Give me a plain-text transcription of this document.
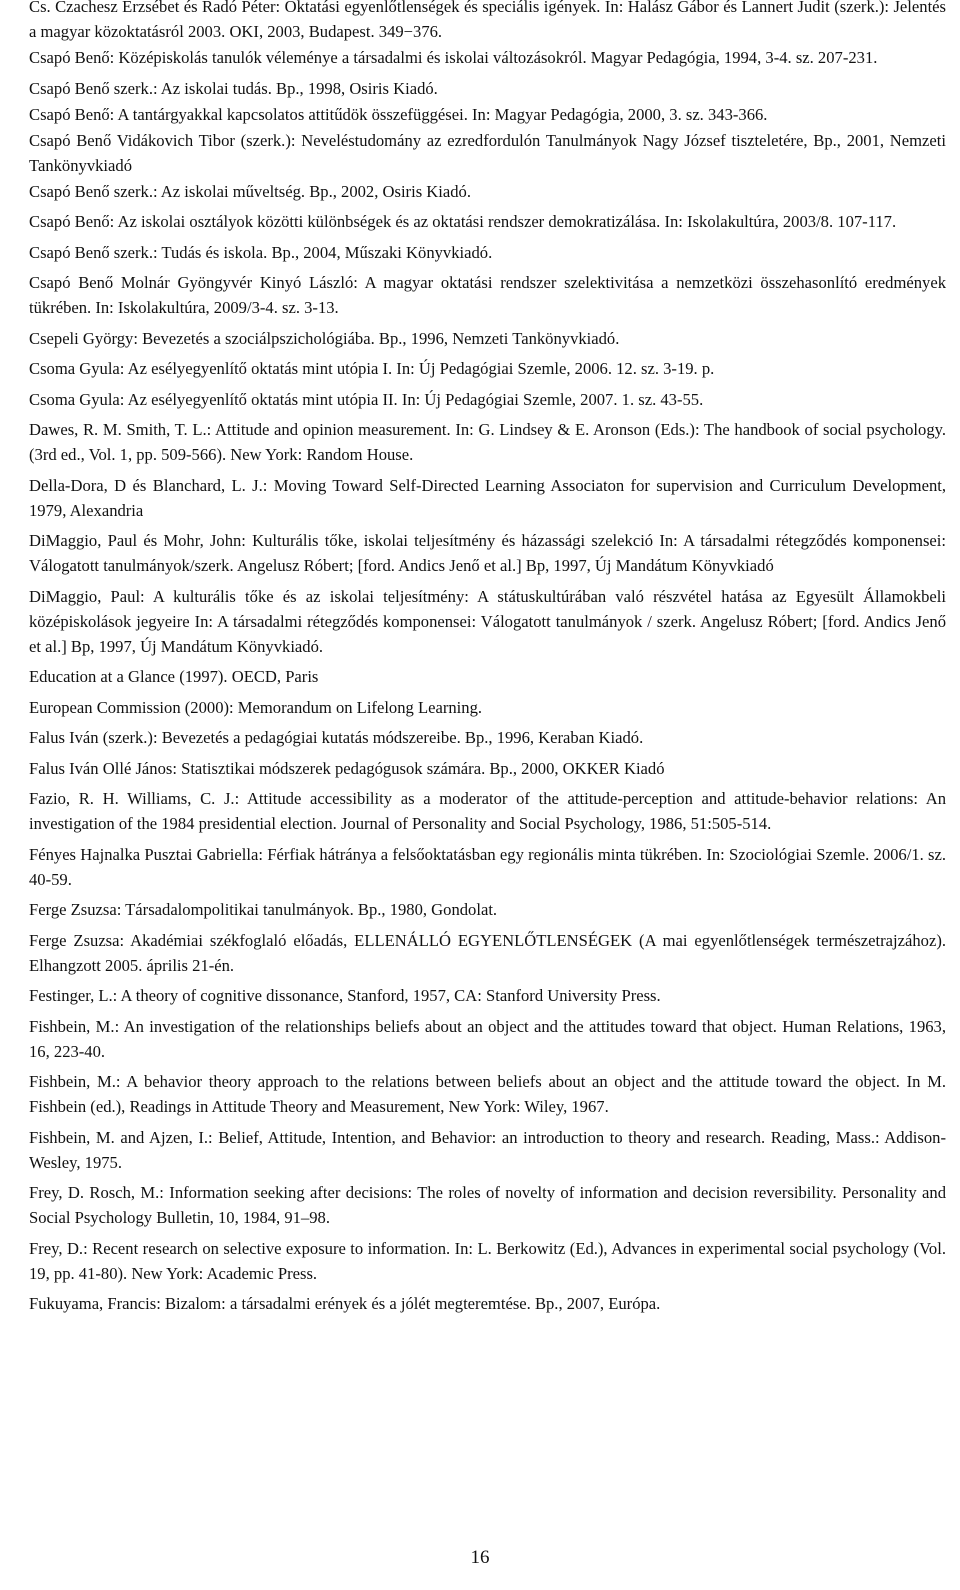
Cs. Czachesz Erzsébet és Radó Péter: Oktatási egyenlőtlenségek és speciális igények. In: Halász Gábor és Lannert Judit (szerk.): Jelentés a magyar közoktatásról 2003. OKI, 2003, Budapest. 349−376.
Csapó Benő: Középiskolás tanulók véleménye a társadalmi és iskolai változásokról. Magyar Pedagógia, 1994, 3-4. sz. 207-231.
Csapó Benő szerk.: Az iskolai tudás. Bp., 1998, Osiris Kiadó.
Csapó Benő: A tantárgyakkal kapcsolatos attitűdök összefüggései. In: Magyar Pedagógia, 2000, 3. sz. 343-366.
Csapó Benő Vidákovich Tibor (szerk.): Neveléstudomány az ezredfordulón Tanulmányok Nagy József tiszteletére, Bp., 2001, Nemzeti Tankönyvkiadó
Csapó Benő szerk.: Az iskolai műveltség. Bp., 2002, Osiris Kiadó.
Csapó Benő: Az iskolai osztályok közötti különbségek és az oktatási rendszer demokratizálása. In: Iskolakultúra, 2003/8. 107-117.
Csapó Benő szerk.: Tudás és iskola. Bp., 2004, Műszaki Könyvkiadó.
Csapó Benő Molnár Gyöngyvér Kinyó László: A magyar oktatási rendszer szelektivitása a nemzetközi összehasonlító eredmények tükrében. In: Iskolakultúra, 2009/3-4. sz. 3-13.
Csepeli György: Bevezetés a szociálpszichológiába. Bp., 1996, Nemzeti Tankönyvkiadó.
Csoma Gyula: Az esélyegyenlítő oktatás mint utópia I. In: Új Pedagógiai Szemle, 2006. 12. sz. 3-19. p.
Csoma Gyula: Az esélyegyenlítő oktatás mint utópia II. In: Új Pedagógiai Szemle, 2007. 1. sz. 43-55.
Dawes, R. M. Smith, T. L.: Attitude and opinion measurement. In: G. Lindsey & E. Aronson (Eds.): The handbook of social psychology. (3rd ed., Vol. 1, pp. 509-566). New York: Random House.
Della-Dora, D és Blanchard, L. J.: Moving Toward Self-Directed Learning Associaton for supervision and Curriculum Development, 1979, Alexandria
DiMaggio, Paul és Mohr, John: Kulturális tőke, iskolai teljesítmény és házassági szelekció In: A társadalmi rétegződés komponensei: Válogatott tanulmányok/szerk. Angelusz Róbert; [ford. Andics Jenő et al.] Bp, 1997, Új Mandátum Könyvkiadó
DiMaggio, Paul: A kulturális tőke és az iskolai teljesítmény: A státuskultúrában való részvétel hatása az Egyesült Államokbeli középiskolások jegyeire In: A társadalmi rétegződés komponensei: Válogatott tanulmányok / szerk. Angelusz Róbert; [ford. Andics Jenő et al.] Bp, 1997, Új Mandátum Könyvkiadó.
Education at a Glance (1997). OECD, Paris
European Commission (2000): Memorandum on Lifelong Learning.
Falus Iván (szerk.): Bevezetés a pedagógiai kutatás módszereibe. Bp., 1996, Keraban Kiadó.
Falus Iván Ollé János: Statisztikai módszerek pedagógusok számára. Bp., 2000, OKKER Kiadó
Fazio, R. H. Williams, C. J.: Attitude accessibility as a moderator of the attitude-perception and attitude-behavior relations: An investigation of the 1984 presidential election. Journal of Personality and Social Psychology, 1986, 51:505-514.
Fényes Hajnalka Pusztai Gabriella: Férfiak hátránya a felsőoktatásban egy regionális minta tükrében. In: Szociológiai Szemle. 2006/1. sz. 40-59.
Ferge Zsuzsa: Társadalompolitikai tanulmányok. Bp., 1980, Gondolat.
Ferge Zsuzsa: Akadémiai székfoglaló előadás, ELLENÁLLÓ EGYENLŐTLENSÉGEK (A mai egyenlőtlenségek természetrajzához). Elhangzott 2005. április 21-én.
Festinger, L.: A theory of cognitive dissonance, Stanford, 1957, CA: Stanford University Press.
Fishbein, M.: An investigation of the relationships beliefs about an object and the attitudes toward that object. Human Relations, 1963, 16, 223-40.
Fishbein, M.: A behavior theory approach to the relations between beliefs about an object and the attitude toward the object. In M. Fishbein (ed.), Readings in Attitude Theory and Measurement, New York: Wiley, 1967.
Fishbein, M. and Ajzen, I.: Belief, Attitude, Intention, and Behavior: an introduction to theory and research. Reading, Mass.: Addison-Wesley, 1975.
Frey, D. Rosch, M.: Information seeking after decisions: The roles of novelty of information and decision reversibility. Personality and Social Psychology Bulletin, 10, 1984, 91–98.
Frey, D.: Recent research on selective exposure to information. In: L. Berkowitz (Ed.), Advances in experimental social psychology (Vol. 19, pp. 41-80). New York: Academic Press.
Fukuyama, Francis: Bizalom: a társadalmi erények és a jólét megteremtése. Bp., 2007, Európa.
16
